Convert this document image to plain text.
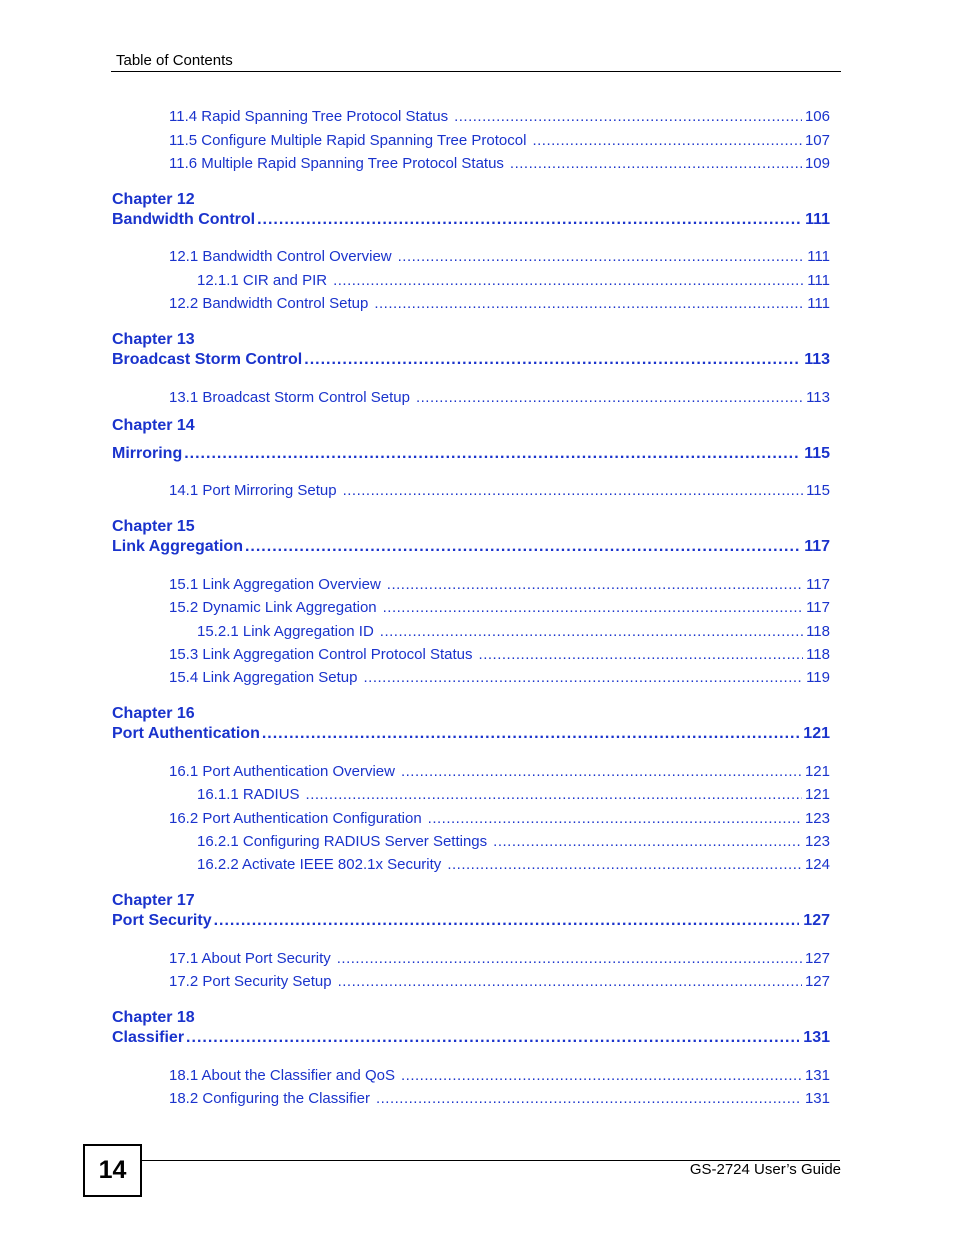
Table of Contents
11.4 Rapid Spanning Tree Protocol Status .....	106
11.5 Configure Multiple Rapid Spanning Tree Protocol .....	107
11.6 Multiple Rapid Spanning Tree Protocol Status .....	109
Chapter 12
Bandwidth Control .....	111
12.1 Bandwidth Control Overview .....	111
12.1.1 CIR and PIR .....	111
12.2 Bandwidth Control Setup .....	111
Chapter 13
Broadcast Storm Control .....	113
13.1 Broadcast Storm Control Setup .....	113
Chapter 14
Mirroring .....	115
14.1 Port Mirroring Setup .....	115
Chapter 15
Link Aggregation .....	117
15.1 Link Aggregation Overview .....	117
15.2 Dynamic Link Aggregation .....	117
15.2.1 Link Aggregation ID .....	118
15.3 Link Aggregation Control Protocol Status .....	118
15.4 Link Aggregation Setup .....	119
Chapter 16
Port Authentication .....	121
16.1 Port Authentication Overview .....	121
16.1.1 RADIUS .....	121
16.2 Port Authentication Configuration .....	123
16.2.1 Configuring RADIUS Server Settings .....	123
16.2.2 Activate IEEE 802.1x Security .....	124
Chapter 17
Port Security .....	127
17.1 About Port Security .....	127
17.2 Port Security Setup .....	127
Chapter 18
Classifier .....	131
18.1 About the Classifier and QoS .....	131
18.2 Configuring the Classifier .....	131
14	GS-2724 User’s Guide
